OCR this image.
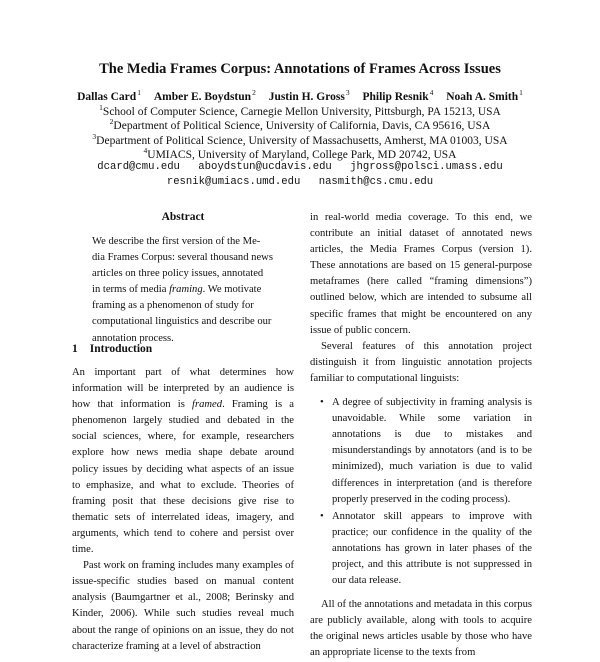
The Media Frames Corpus: Annotations of Frames Across Issues
Dallas Card$^1$ Amber E. Boydstun$^2$ Justin H. Gross$^3$ Philip Resnik$^4$ Noah A. Smith$^1$
$^1$School of Computer Science, Carnegie Mellon University, Pittsburgh, PA 15213, USA
$^2$Department of Political Science, University of California, Davis, CA 95616, USA
$^3$Department of Political Science, University of Massachusetts, Amherst, MA 01003, USA
$^4$UMIACS, University of Maryland, College Park, MD 20742, USA
dcard@cmu.edu aboydstun@ucdavis.edu jhgross@polsci.umass.edu
resnik@umiacs.umd.edu nasmith@cs.cmu.edu
Abstract
We describe the first version of the Me-
dia Frames Corpus: several thousand news
articles on three policy issues, annotated
in terms of media framing. We motivate
framing as a phenomenon of study for
computational linguistics and describe our
annotation process.
1 Introduction

An important part of what determines how information will be interpreted by an audience is how that information is framed. Framing is a phenomenon largely studied and debated in the social sciences, where, for example, researchers explore how news media shape debate around policy issues by deciding what aspects of an issue to emphasize, and what to exclude. Theories of framing posit that these decisions give rise to thematic sets of interrelated ideas, imagery, and arguments, which tend to cohere and persist over time.

Past work on framing includes many examples of issue-specific studies based on manual content analysis (Baumgartner et al., 2008; Berinsky and Kinder, 2006). While such studies reveal much about the range of opinions on an issue, they do not characterize framing at a level of abstraction

in real-world media coverage. To this end, we contribute an initial dataset of annotated news articles, the Media Frames Corpus (version 1). These annotations are based on 15 general-purpose metaframes (here called “framing dimensions”) outlined below, which are intended to subsume all specific frames that might be encountered on any issue of public concern.

Several features of this annotation project distinguish it from linguistic annotation projects familiar to computational linguists:

• A degree of subjectivity in framing analysis is unavoidable. While some variation in annotations is due to mistakes and misunderstandings by annotators (and is to be minimized), much variation is due to valid differences in interpretation (and is therefore properly preserved in the coding process).
• Annotator skill appears to improve with practice; our confidence in the quality of the annotations has grown in later phases of the project, and this attribute is not suppressed in our data release.

All of the annotations and metadata in this corpus are publicly available, along with tools to acquire the original news articles usable by those who have an appropriate license to the texts from
